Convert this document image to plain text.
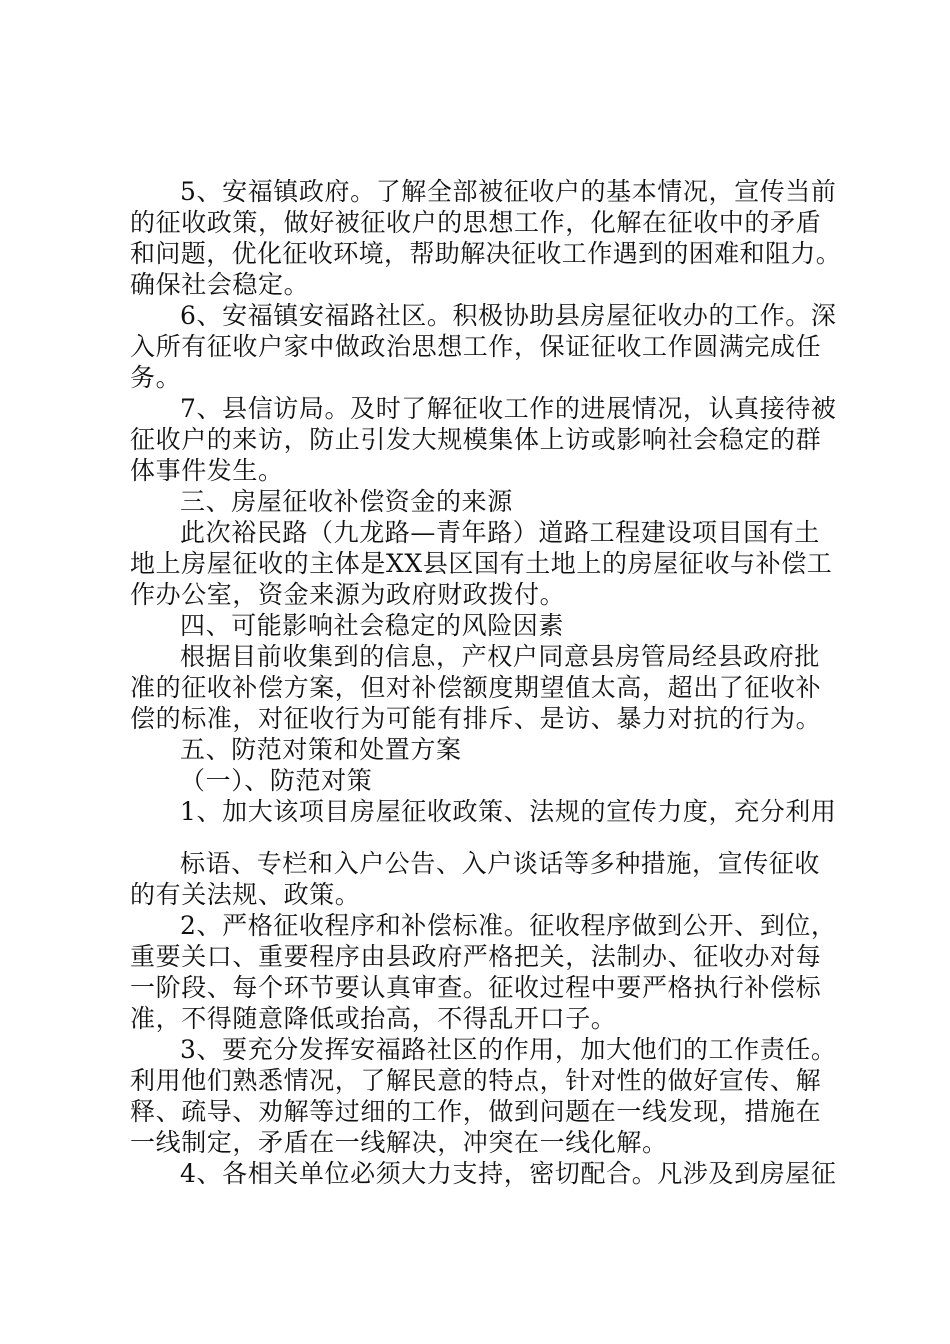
5、安福镇政府。了解全部被征收户的基本情况，宣传当前
的征收政策，做好被征收户的思想工作，化解在征收中的矛盾
和问题，优化征收环境，帮助解决征收工作遇到的困难和阻力。
确保社会稳定。
6、安福镇安福路社区。积极协助县房屋征收办的工作。深
入所有征收户家中做政治思想工作，保证征收工作圆满完成任
务。
7、县信访局。及时了解征收工作的进展情况，认真接待被
征收户的来访，防止引发大规模集体上访或影响社会稳定的群
体事件发生。
三、房屋征收补偿资金的来源
此次裕民路（九龙路—青年路）道路工程建设项目国有土
地上房屋征收的主体是XX县区国有土地上的房屋征收与补偿工
作办公室，资金来源为政府财政拨付。
四、可能影响社会稳定的风险因素
根据目前收集到的信息，产权户同意县房管局经县政府批
准的征收补偿方案，但对补偿额度期望值太高，超出了征收补
偿的标准，对征收行为可能有排斥、是访、暴力对抗的行为。
五、防范对策和处置方案
（一）、防范对策
1、加大该项目房屋征收政策、法规的宣传力度，充分利用
标语、专栏和入户公告、入户谈话等多种措施，宣传征收
的有关法规、政策。
2、严格征收程序和补偿标准。征收程序做到公开、到位，
重要关口、重要程序由县政府严格把关，法制办、征收办对每
一阶段、每个环节要认真审查。征收过程中要严格执行补偿标
准，不得随意降低或抬高，不得乱开口子。
3、要充分发挥安福路社区的作用，加大他们的工作责任。
利用他们熟悉情况，了解民意的特点，针对性的做好宣传、解
释、疏导、劝解等过细的工作，做到问题在一线发现，措施在
一线制定，矛盾在一线解决，冲突在一线化解。
4、各相关单位必须大力支持，密切配合。凡涉及到房屋征
